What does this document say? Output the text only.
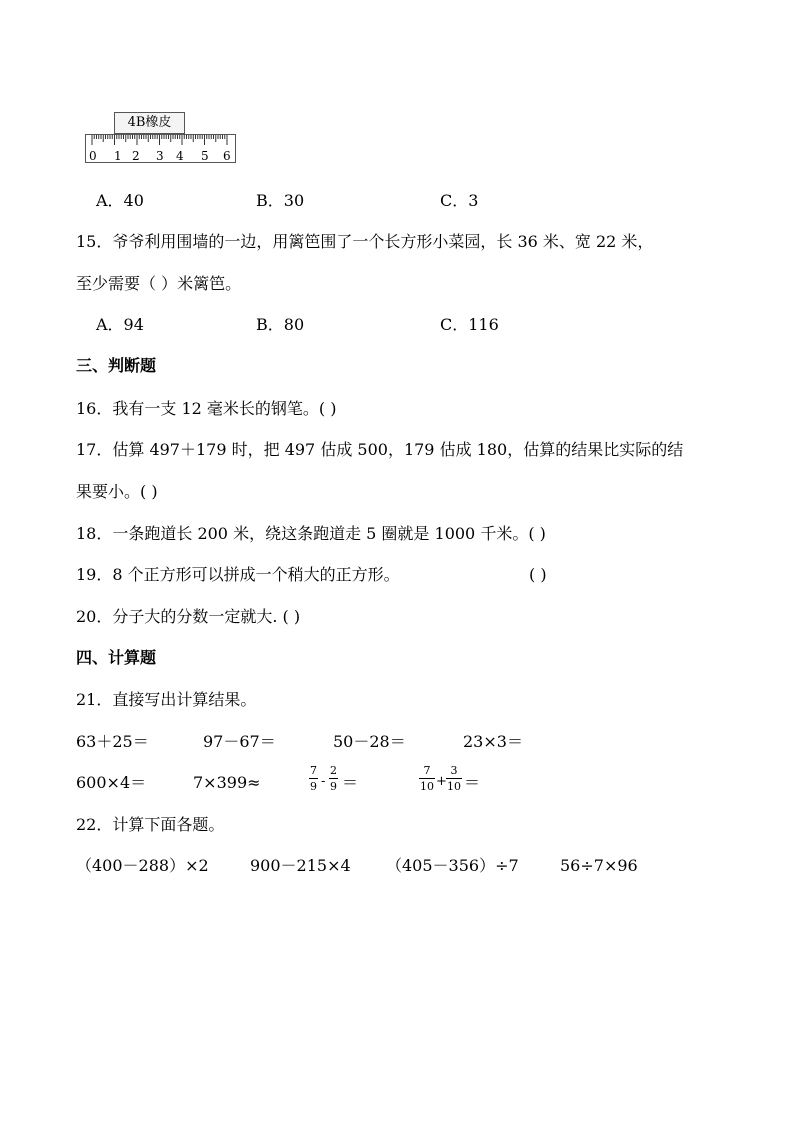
4B橡皮
0 1 2 3 4 5 6
A．40	B．30	C．3
15．爷爷利用围墙的一边，用篱笆围了一个长方形小菜园，长 36 米、宽 22 米，
至少需要（ ）米篱笆。
A．94	B．80	C．116
三、判断题
16．我有一支 12 毫米长的钢笔。( )
17．估算 497＋179 时，把 497 估成 500，179 估成 180，估算的结果比实际的结
果要小。( )
18．一条跑道长 200 米，绕这条跑道走 5 圈就是 1000 千米。( )
19．8 个正方形可以拼成一个稍大的正方形。	( )
20．分子大的分数一定就大. ( )
四、计算题
21．直接写出计算结果。
63＋25＝	97－67＝	50－28＝	23×3＝
600×4＝	7×399≈	$\frac{7}{9} - \frac{2}{9}$ ＝	$\frac{7}{10} + \frac{3}{10}$ ＝
22．计算下面各题。
（400－288）×2	900－215×4 （405－356）÷7	56÷7×96
